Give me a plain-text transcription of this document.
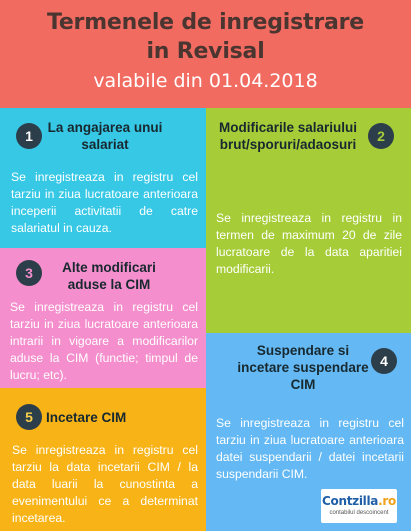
Termenele de inregistrare
in Revisal
valabile din 01.04.2018
1
La angajarea unui salariat
Se inregistreaza in registru cel tarziu in ziua lucratoare anterioara inceperii activitatii de catre salariatul in cauza.
Modificarile salariului brut/sporuri/adaosuri
2
Se inregistreaza in registru in termen de maximum 20 de zile lucratoare de la data aparitiei modificarii.
3	Alte modificari aduse la CIM
Se inregistreaza in registru cel tarziu in ziua lucratoare anterioara intrarii in vigoare a modificarilor aduse la CIM (functie; timpul de lucru; etc).
Suspendare si incetare suspendare CIM
4
Se inregistreaza in registru cel tarziu in ziua lucratoare anterioara datei suspendarii / datei incetarii suspendarii CIM.
5 Incetare CIM
Se inregistreaza in registru cel tarziu la data incetarii CIM / la data luarii la cunostinta a evenimentului ce a determinat incetarea.
Contzilla.ro
contabilul descoincent
